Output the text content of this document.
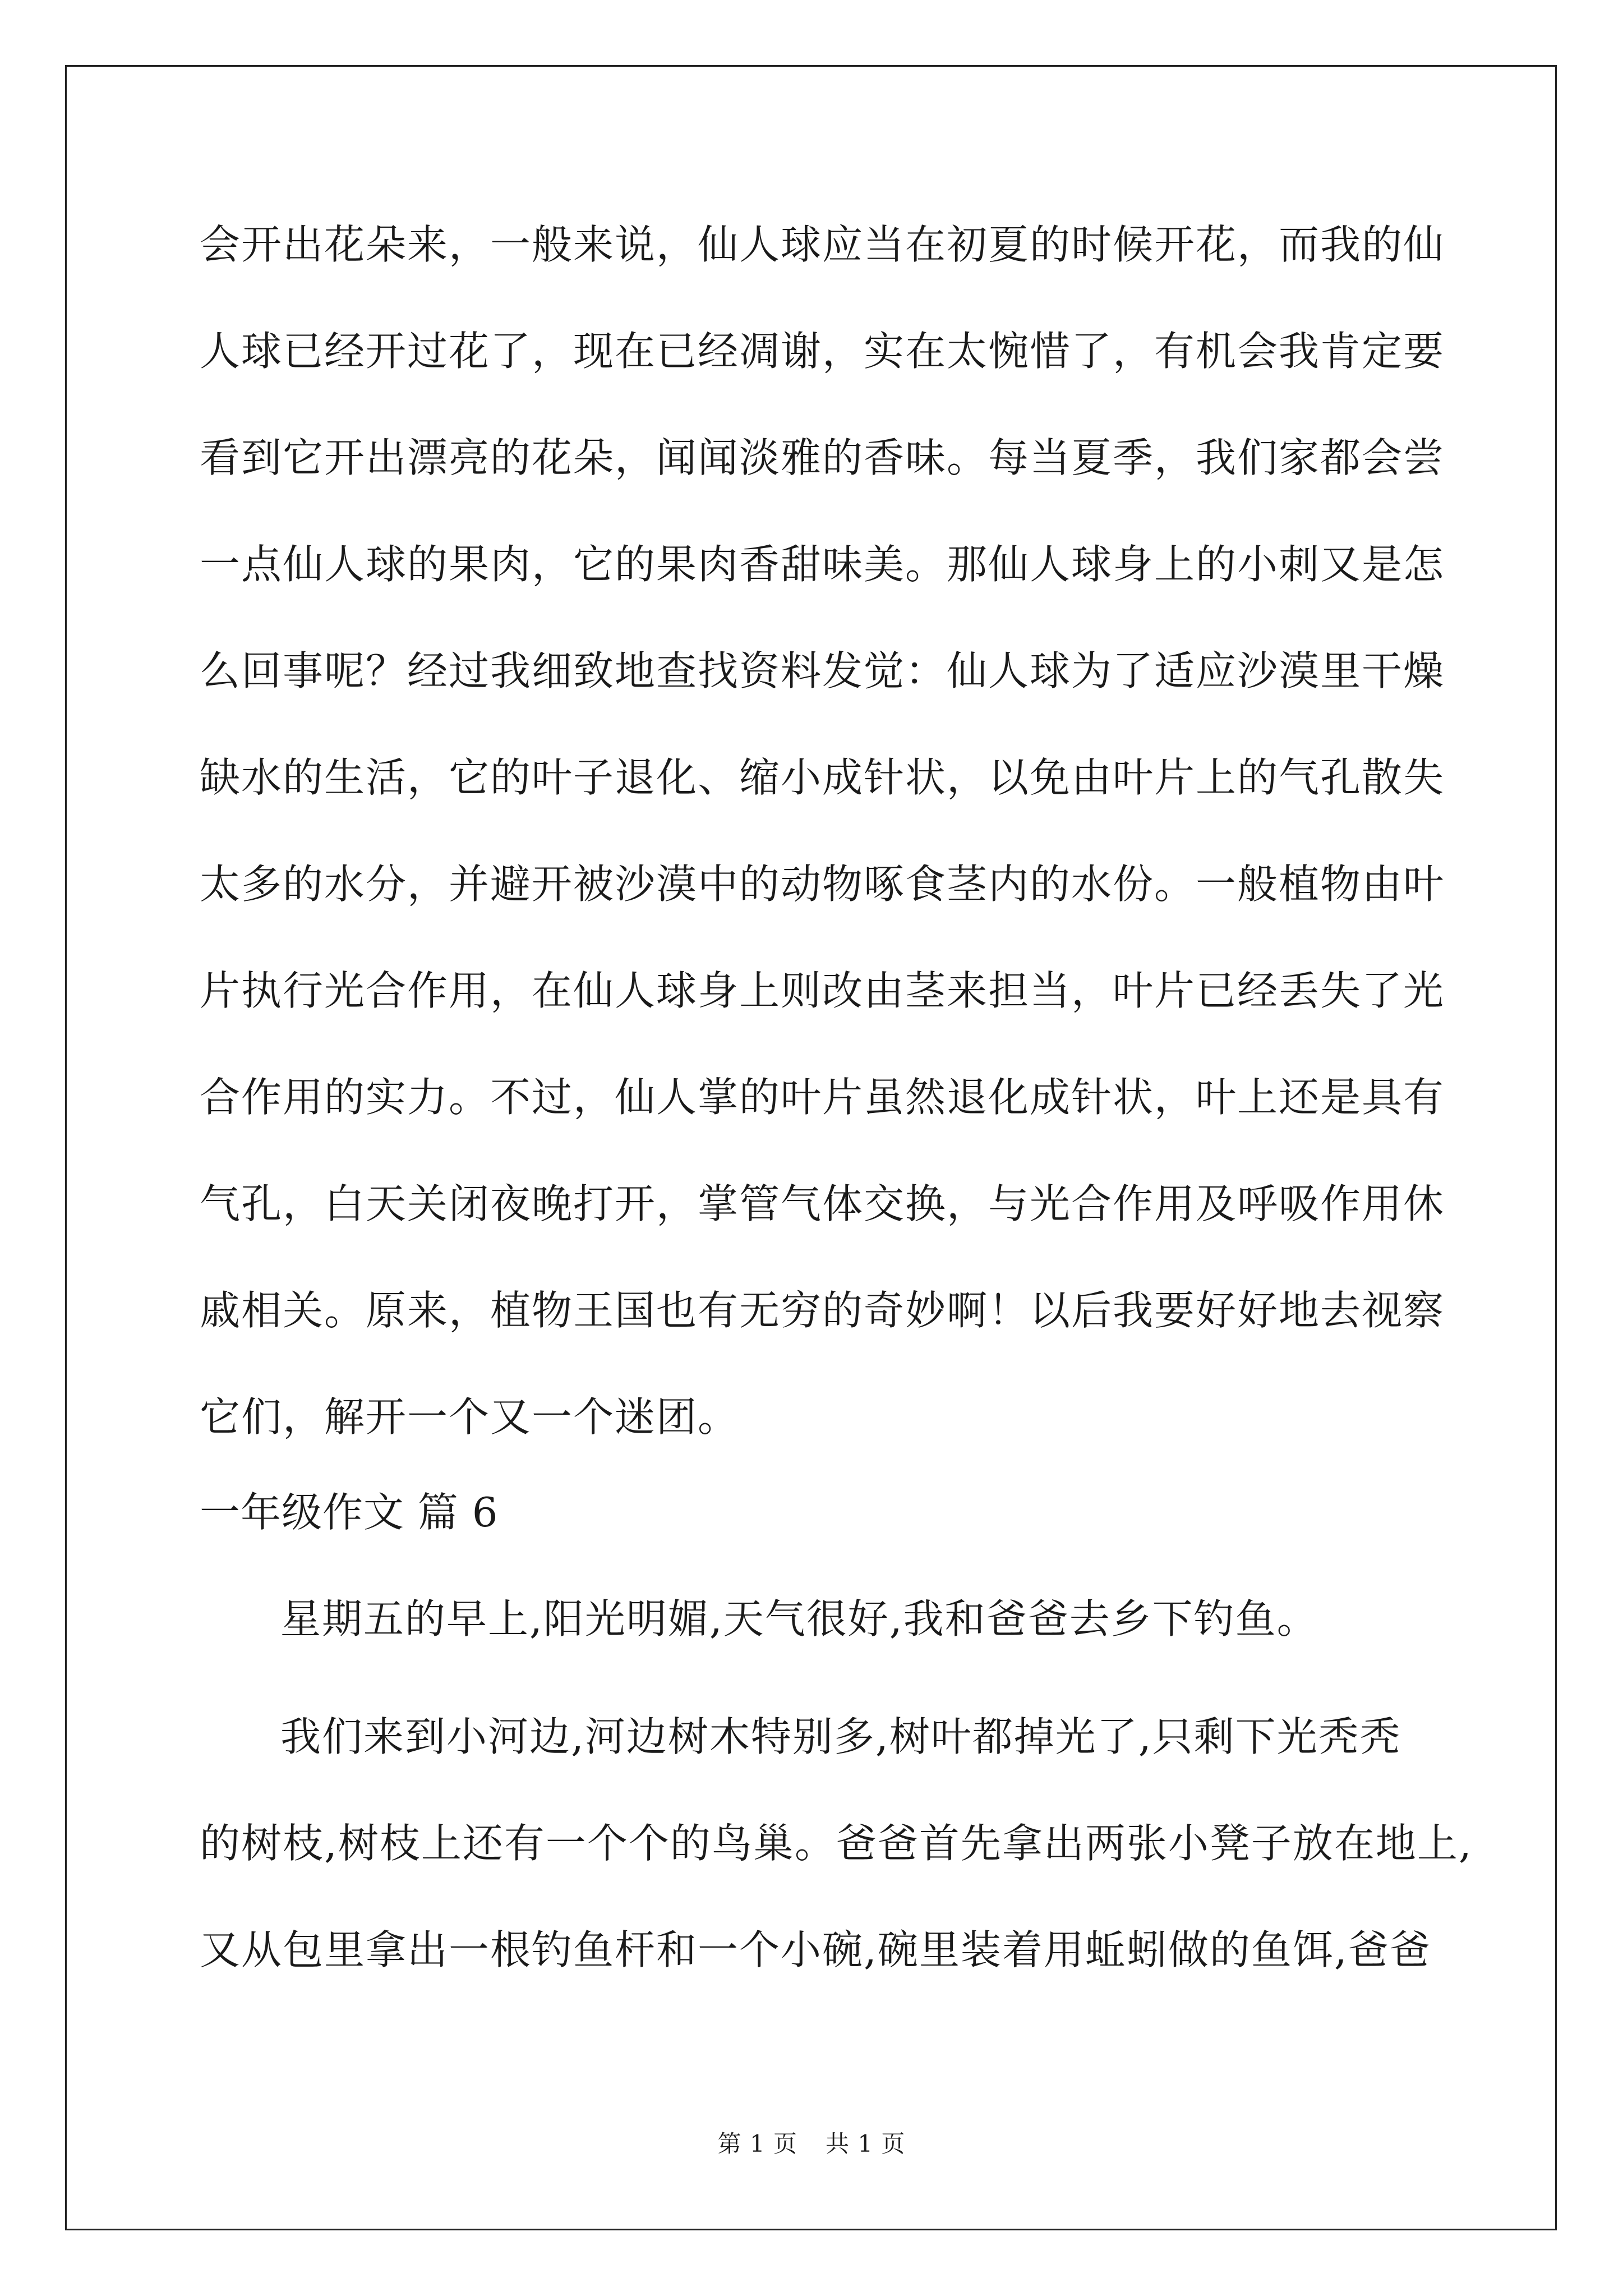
会开出花朵来，一般来说，仙人球应当在初夏的时候开花，而我的仙

人球已经开过花了，现在已经凋谢，实在太惋惜了，有机会我肯定要

看到它开出漂亮的花朵，闻闻淡雅的香味。每当夏季，我们家都会尝

一点仙人球的果肉，它的果肉香甜味美。那仙人球身上的小刺又是怎

么回事呢？经过我细致地查找资料发觉：仙人球为了适应沙漠里干燥

缺水的生活，它的叶子退化、缩小成针状，以免由叶片上的气孔散失

太多的水分，并避开被沙漠中的动物啄食茎内的水份。一般植物由叶

片执行光合作用，在仙人球身上则改由茎来担当，叶片已经丢失了光

合作用的实力。不过，仙人掌的叶片虽然退化成针状，叶上还是具有

气孔，白天关闭夜晚打开，掌管气体交换，与光合作用及呼吸作用休

戚相关。原来，植物王国也有无穷的奇妙啊！以后我要好好地去视察

它们，解开一个又一个迷团。

一年级作文 篇 6

星期五的早上,阳光明媚,天气很好,我和爸爸去乡下钓鱼。

我们来到小河边,河边树木特别多,树叶都掉光了,只剩下光秃秃

的树枝,树枝上还有一个个的鸟巢。爸爸首先拿出两张小凳子放在地上,

又从包里拿出一根钓鱼杆和一个小碗,碗里装着用蚯蚓做的鱼饵,爸爸

第 1 页 共 1 页
